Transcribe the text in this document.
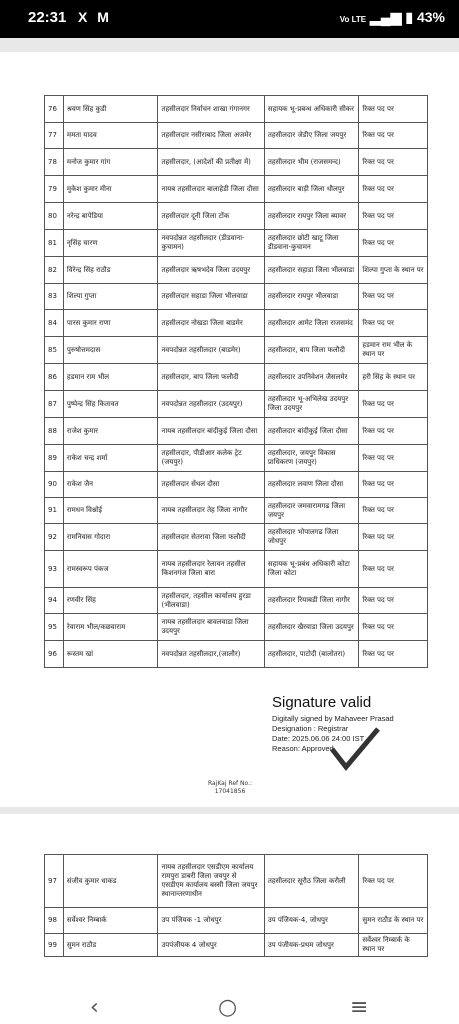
22:31 X M	Vo LTE ▂▄▆ ▮ 43%
76	श्रवण सिंह कुडी	तहसीलदार निर्वाचन शाखा गंगानगर	सहायक भू-प्रबन्ध अधिकारी सीकर	रिक्त पद पर
77	ममता यादव	तहसीलदार नसीराबाद जिला अजमेर	तहसीलदार जेडीए जिला जयपुर	रिक्त पद पर
78	मनोज कुमार गांग	तहसीलदार, (आदेशों की प्रतीक्षा में)	तहसीलदार भीम (राजसमन्द)	रिक्त पद पर
79	मुकेश कुमार मीना	नायब तहसीलदार बालाहेडी जिला दौसा	तहसीलदार बाड़ी जिला धौलपुर	रिक्त पद पर
80	नरेन्द्र बापेडिया	तहसीलदार दूनी जिला टोंक	तहसीलदार रायपुर जिला ब्यावर	रिक्त पद पर
81	नृसिंह चारण	नवपदोन्नत तहसीलदार (डीडवाना-कुचामन)	तहसीलदार छोटी खाटू जिला डीडवाना-कुचामन	रिक्त पद पर
82	विरेन्द्र सिंह राठौड	तहसीलदार ऋषभदेव जिला उदयपुर	तहसीलदार सहाडा जिला भीलवाडा	शिल्पा गुप्ता के स्थान पर
83	शिल्पा गुप्ता	तहसीलदार सहाडा जिला भीलवाडा	तहसीलदार रायपुर भीलवाडा	रिक्त पद पर
84	पारस कुमार राणा	तहसीलदार नोखडा जिला बाडमेर	तहसीलदार आमेट जिला राजसमंद	रिक्त पद पर
85	पुरुषोत्तमदास	नवपदोन्नत तहसीलदार (बाडमेर)	तहसीलदार, बाप जिला फलौदी	हडमान राम भील के स्थान पर
86	हडमान राम भील	तहसीलदार, बाप जिला फलौदी	तहसीलदार उपनिवेशन जैसलमेर	हरी सिंह के स्थान पर
87	पुष्पेन्द्र सिंह कितावत	नवपदोन्नत तहसीलदार (उदयपुर)	तहसीलदार भू-अभिलेख उदयपुर जिला उदयपुर	रिक्त पद पर
88	राजेश कुमार	नायब तहसीलदार बांदीकुई जिला दौसा	तहसीलदार बांदीकुई जिला दौसा	रिक्त पद पर
89	राकेश चन्द्र शर्मा	तहसीलदार, पीडीआर कलेक ट्रेट (जयपुर)	तहसीलदार, जयपुर विकास प्राधिकरण (जयपुर)	रिक्त पद पर
90	राकेश जैन	तहसीलदार सेंथल दौसा	तहसीलदार लवाण जिला दौसा	रिक्त पद पर
91	रामधन विश्नोई	नायब तहसीलदार तेह जिला नागौर	तहसीलदार जमवारामगढ जिला जयपुर	रिक्त पद पर
92	रामनिवास गोदारा	तहसीलदार सेतरावा जिला फलौदी	तहसीलदार भोपालगढ जिला जोधपुर	रिक्त पद पर
93	रामस्वरूप पंकज	नायब तहसीलदार रेलावन तहसील किशनगंज जिला बारा	सहायक भू-प्रबंध अधिकारी कोटा जिला कोटा	रिक्त पद पर
94	रणवीर सिंह	तहसीलदार, तहसील कार्यालय हुरडा (भीलवाडा)	तहसीलदार रियाबडी जिला नागौर	रिक्त पद पर
95	रेवाराम भील/कछवाराम	नायब तहसीलदार बावलवाडा जिला उदयपुर	तहसीलदार खैरवाडा जिला उदयपुर	रिक्त पद पर
96	रूस्तम खां	नवपदोन्नत तहसीलदार,(जालौर)	तहसीलदार, पाटोदी (बालोतरा)	रिक्त पद पर
Signature valid
Digitally signed by Mahaveer Prasad
Designation : Registrar
Date: 2025.06.06 24:00 IST
Reason: Approved
RajKaj Ref No.:
17041856
97	संजीव कुमार धाकड	नायब तहसीलदार एसडीएम कार्यालय रामपुरा डाबरी जिला जयपुर से एसडीएम कार्यालय बस्सी जिला जयपुर स्थानान्तरणाधीन	तहसीलदार सूरौठ जिला करौली	रिक्त पद पर
98	सर्वेश्वर निम्बार्क	उप पंजियक -1 जोधपुर	उप पंजियक-4, जोधपुर	सुमन राठौड के स्थान पर
99	सुमन राठौड	उपपंजीयक 4 जोधपुर	उप पंजीयक-प्रथम जोधपुर	सर्वेश्वर निम्बार्क के स्थान पर
‹	○	≡
